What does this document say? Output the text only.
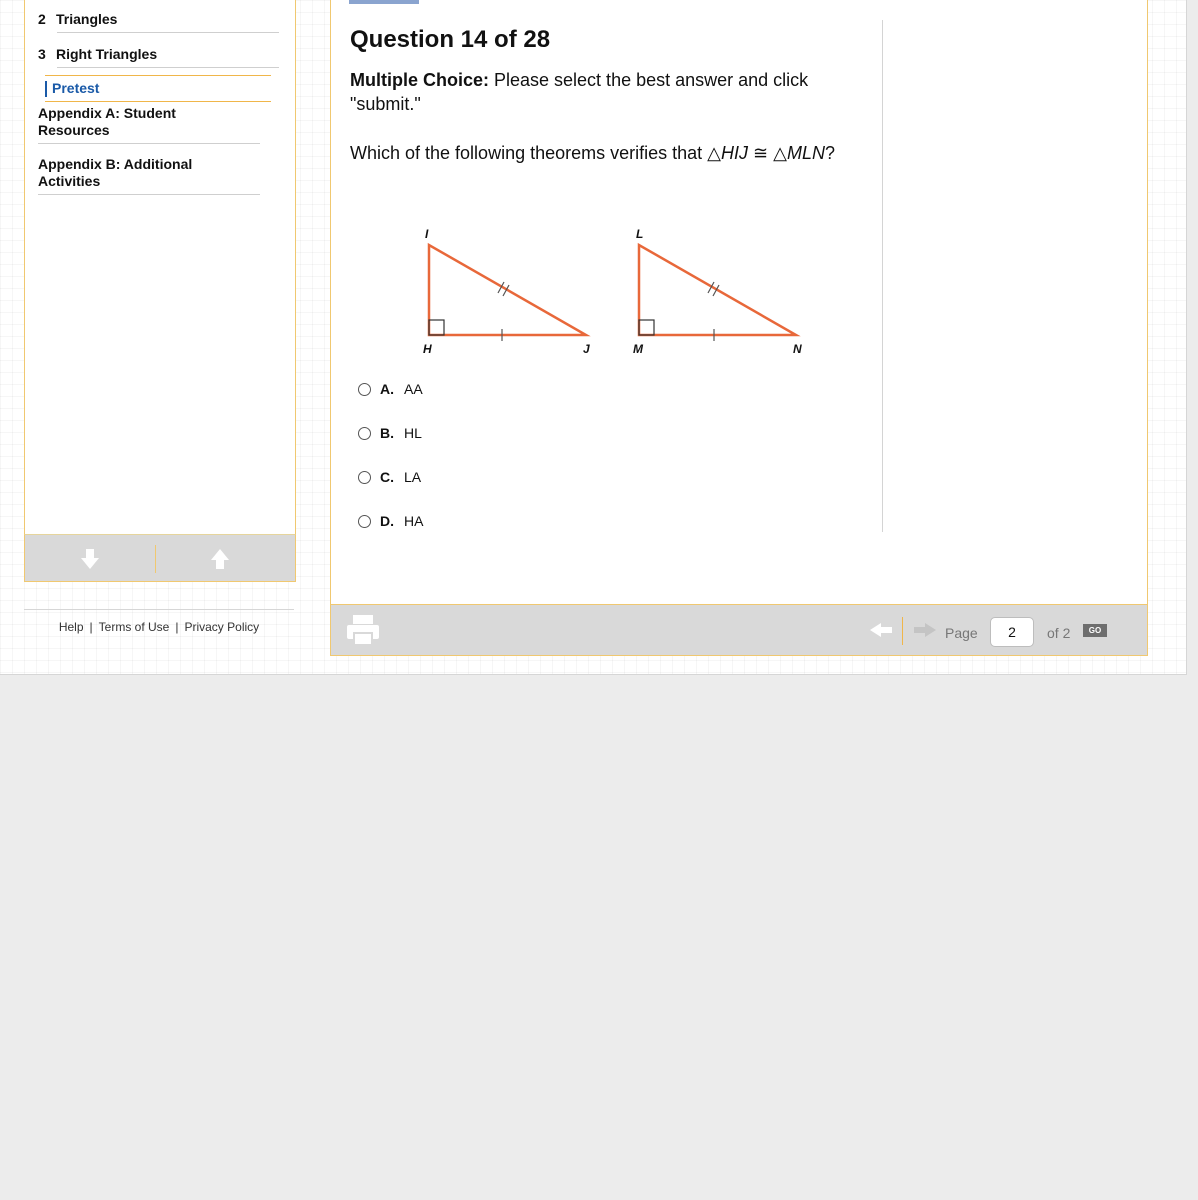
2 Triangles
3 Right Triangles
Pretest
Appendix A: Student
Resources
Appendix B: Additional
Activities
Help | Terms of Use | Privacy Policy
Question 14 of 28
Multiple Choice: Please select the best answer and click "submit."
Which of the following theorems verifies that △HIJ ≅ △MLN?
I
H	J
L
M	N
A. AA
B. HL
C. LA
D. HA
Page
2	of 2	GO
